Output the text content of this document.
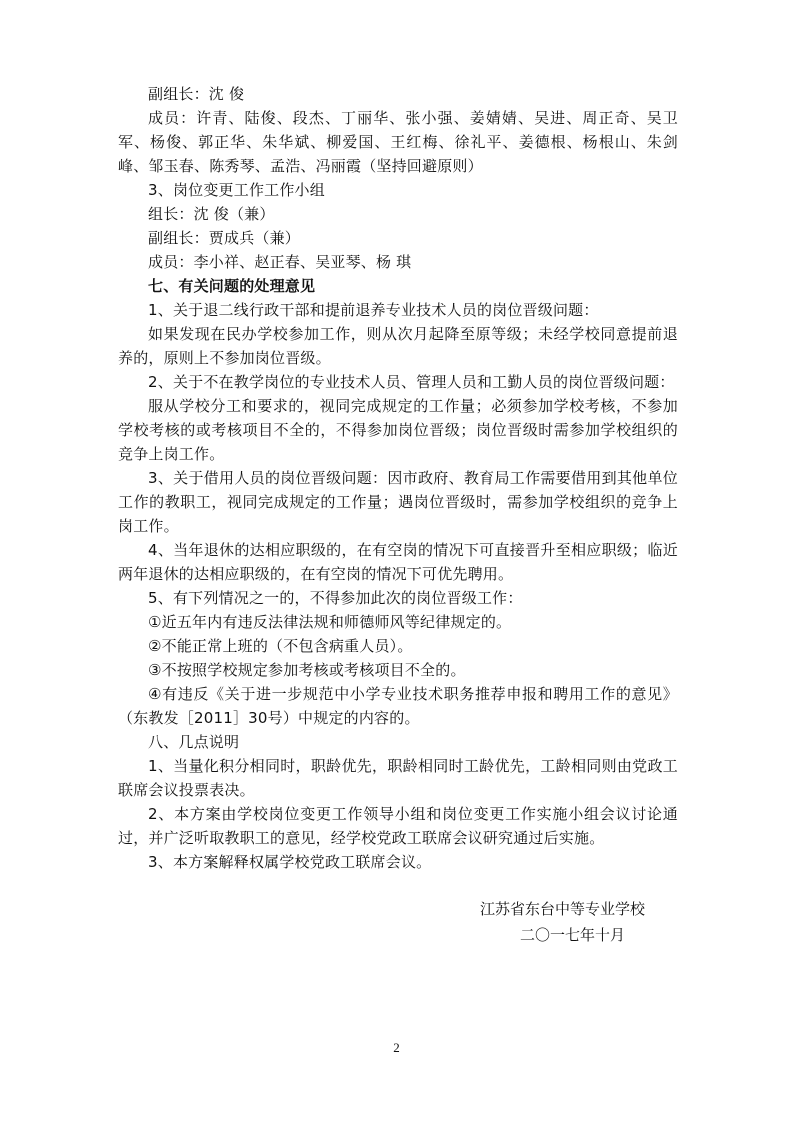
副组长：沈 俊

成员：许青、陆俊、段杰、丁丽华、张小强、姜婧婧、吴进、周正奇、吴卫军、杨俊、郭正华、朱华斌、柳爱国、王红梅、徐礼平、姜德根、杨根山、朱剑峰、邹玉春、陈秀琴、孟浩、冯丽霞（坚持回避原则）

3、岗位变更工作工作小组

组长：沈 俊（兼）

副组长：贾成兵（兼）

成员：李小祥、赵正春、吴亚琴、杨 琪

七、有关问题的处理意见

1、关于退二线行政干部和提前退养专业技术人员的岗位晋级问题：

如果发现在民办学校参加工作，则从次月起降至原等级；未经学校同意提前退养的，原则上不参加岗位晋级。

2、关于不在教学岗位的专业技术人员、管理人员和工勤人员的岗位晋级问题：

服从学校分工和要求的，视同完成规定的工作量；必须参加学校考核，不参加学校考核的或考核项目不全的，不得参加岗位晋级；岗位晋级时需参加学校组织的竞争上岗工作。

3、关于借用人员的岗位晋级问题：因市政府、教育局工作需要借用到其他单位工作的教职工，视同完成规定的工作量；遇岗位晋级时，需参加学校组织的竞争上岗工作。

4、当年退休的达相应职级的，在有空岗的情况下可直接晋升至相应职级；临近两年退休的达相应职级的，在有空岗的情况下可优先聘用。

5、有下列情况之一的，不得参加此次的岗位晋级工作：

①近五年内有违反法律法规和师德师风等纪律规定的。

②不能正常上班的（不包含病重人员）。

③不按照学校规定参加考核或考核项目不全的。

④有违反《关于进一步规范中小学专业技术职务推荐申报和聘用工作的意见》（东教发［2011］30号）中规定的内容的。

八、几点说明

1、当量化积分相同时，职龄优先，职龄相同时工龄优先，工龄相同则由党政工联席会议投票表决。

2、本方案由学校岗位变更工作领导小组和岗位变更工作实施小组会议讨论通过，并广泛听取教职工的意见，经学校党政工联席会议研究通过后实施。

3、本方案解释权属学校党政工联席会议。

江苏省东台中等专业学校
二〇一七年十月
2
